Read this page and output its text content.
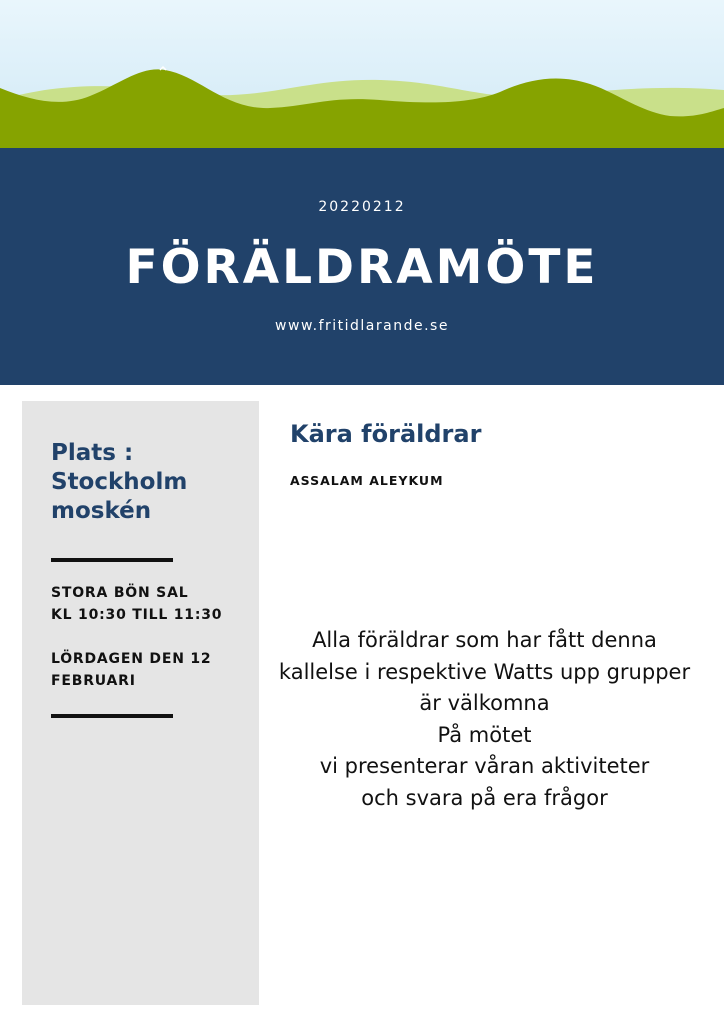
20220212
FÖRÄLDRAMÖTE
www.fritidlarande.se
Plats :
Stockholm
moskén
STORA BÖN SAL
KL 10:30 TILL 11:30
LÖRDAGEN DEN 12
FEBRUARI
Kära föräldrar
ASSALAM ALEYKUM
Alla föräldrar som har fått denna
kallelse i respektive Watts upp grupper
är välkomna
På mötet
vi presenterar våran aktiviteter
och svara på era frågor
